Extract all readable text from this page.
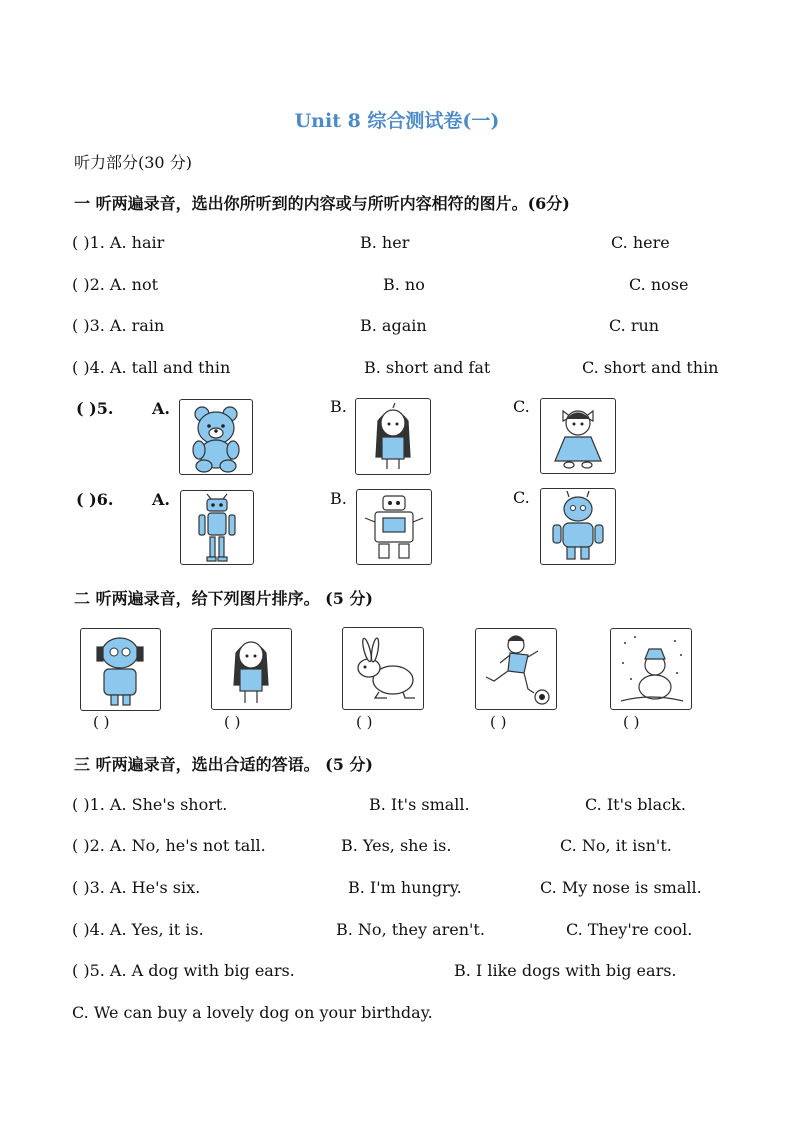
Unit 8 综合测试卷(一)
听力部分(30 分)
一 听两遍录音，选出你所听到的内容或与所听内容相符的图片。(6分)
( )1. A. hair	B. her	C. here
( )2. A. not	B. no	C. nose
( )3. A. rain	B. again	C. run
( )4. A. tall and thin	B. short and fat	C. short and thin
( )5. A.	B.	C.
( )6. A.	B.	C.
二 听两遍录音，给下列图片排序。 (5 分)
( )	( )	( )	( )	( )
三 听两遍录音，选出合适的答语。 (5 分)
( )1. A. She's short.	B. It's small.	C. It's black.
( )2. A. No, he's not tall.	B. Yes, she is.	C. No, it isn't.
( )3. A. He's six.	B. I'm hungry.	C. My nose is small.
( )4. A. Yes, it is.	B. No, they aren't.	C. They're cool.
( )5. A. A dog with big ears.	B. I like dogs with big ears.
C. We can buy a lovely dog on your birthday.
